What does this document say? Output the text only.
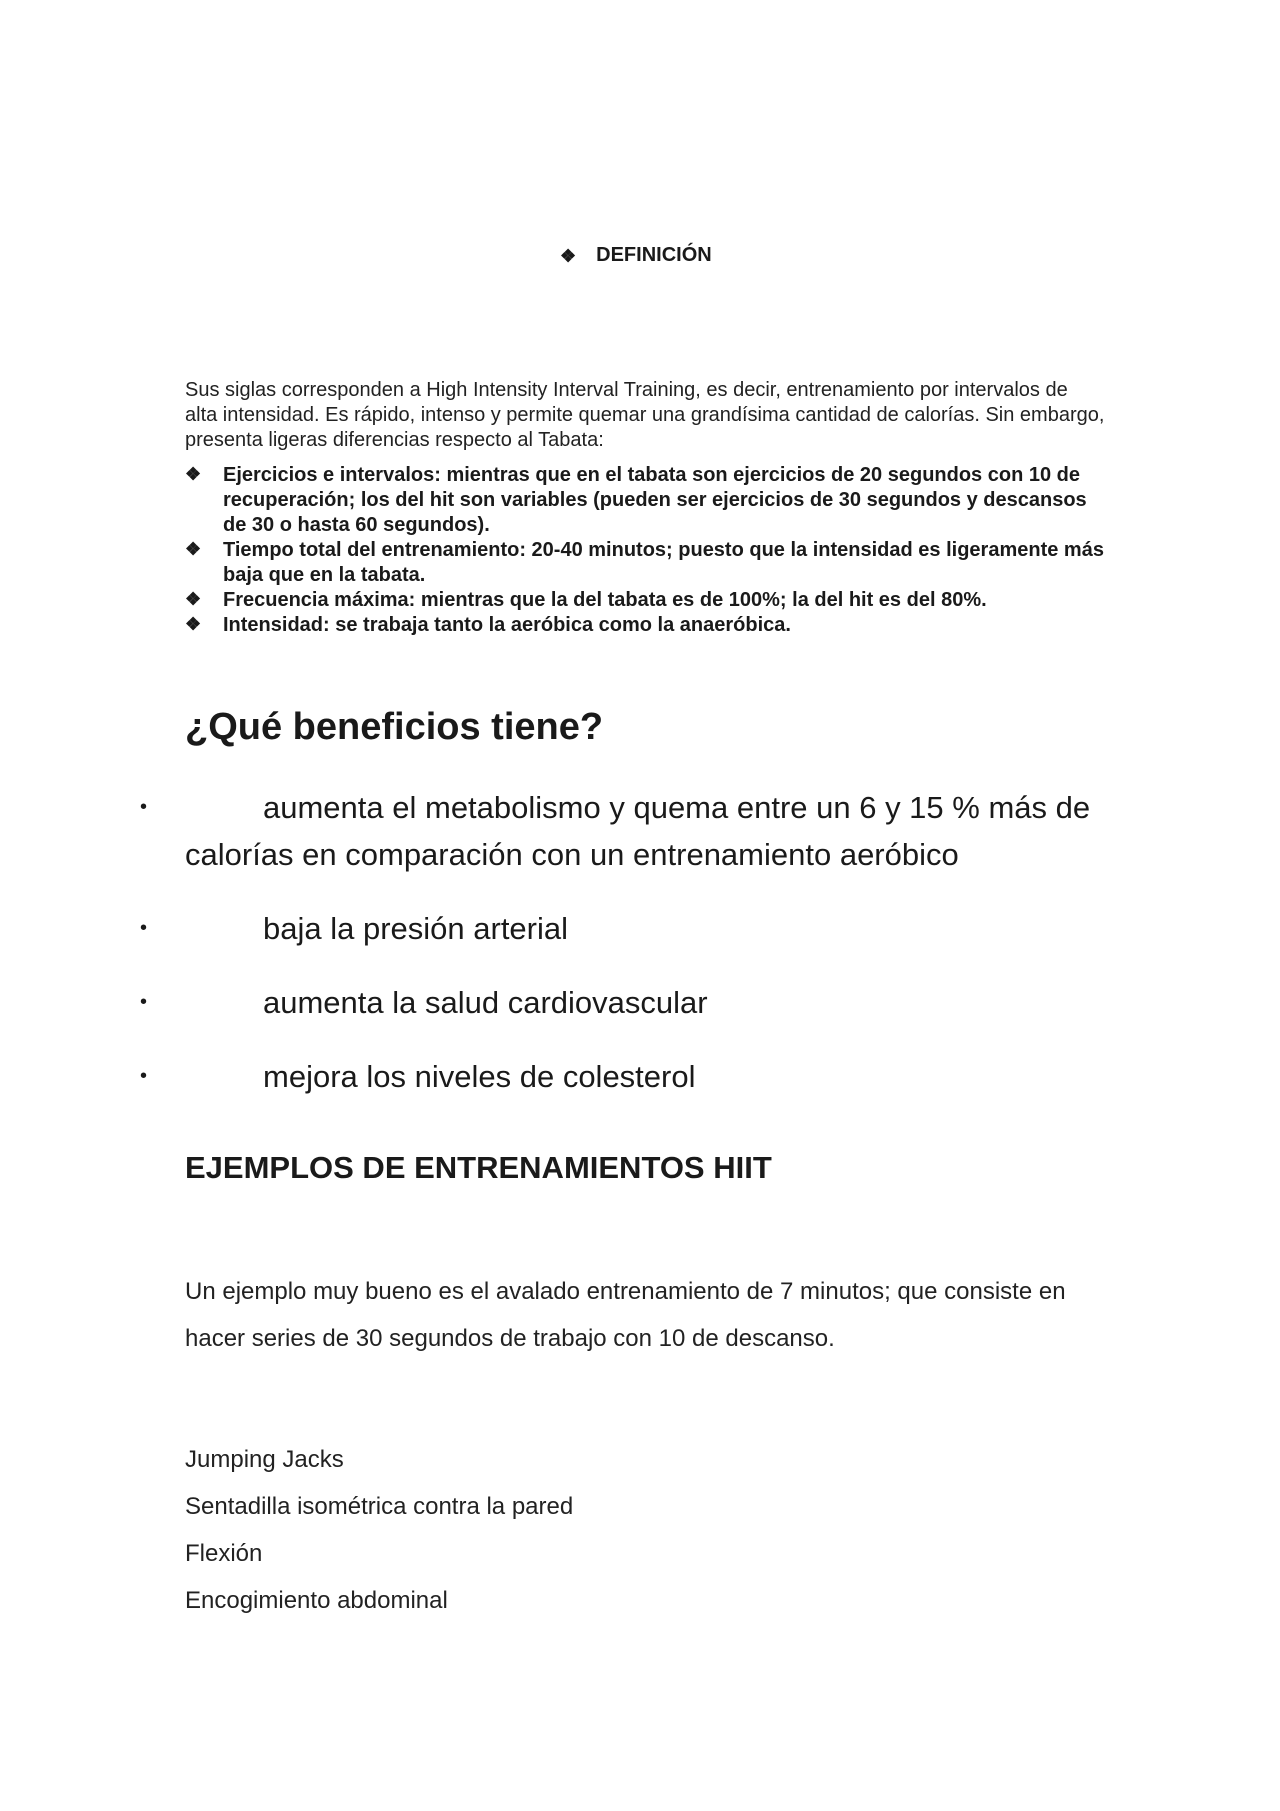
❖ DEFINICIÓN

Sus siglas corresponden a High Intensity Interval Training, es decir, entrenamiento por intervalos de alta intensidad. Es rápido, intenso y permite quemar una grandísima cantidad de calorías. Sin embargo, presenta ligeras diferencias respecto al Tabata:

❖ Ejercicios e intervalos: mientras que en el tabata son ejercicios de 20 segundos con 10 de recuperación; los del hit son variables (pueden ser ejercicios de 30 segundos y descansos de 30 o hasta 60 segundos).
❖ Tiempo total del entrenamiento: 20-40 minutos; puesto que la intensidad es ligeramente más baja que en la tabata.
❖ Frecuencia máxima: mientras que la del tabata es de 100%; la del hit es del 80%.
❖ Intensidad: se trabaja tanto la aeróbica como la anaeróbica.
¿Qué beneficios tiene?
•	aumenta el metabolismo y quema entre un 6 y 15 % más de calorías en comparación con un entrenamiento aeróbico
•	baja la presión arterial
•	aumenta la salud cardiovascular
•	mejora los niveles de colesterol
EJEMPLOS DE ENTRENAMIENTOS HIIT

Un ejemplo muy bueno es el avalado entrenamiento de 7 minutos; que consiste en hacer series de 30 segundos de trabajo con 10 de descanso.

Jumping Jacks
Sentadilla isométrica contra la pared
Flexión
Encogimiento abdominal
